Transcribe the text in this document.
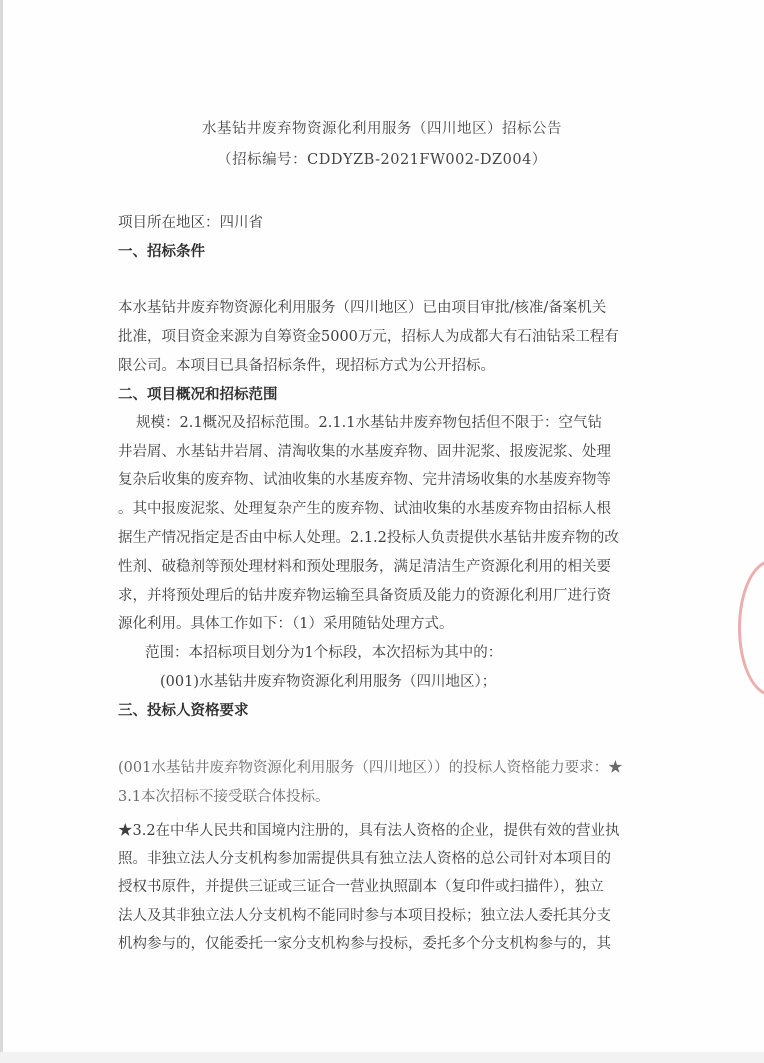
水基钻井废弃物资源化利用服务（四川地区）招标公告
（招标编号：CDDYZB-2021FW002-DZ004）
项目所在地区：四川省
一、招标条件
本水基钻井废弃物资源化利用服务（四川地区）已由项目审批/核准/备案机关
批准，项目资金来源为自筹资金5000万元，招标人为成都大有石油钻采工程有
限公司。本项目已具备招标条件，现招标方式为公开招标。
二、项目概况和招标范围
规模：2.1概况及招标范围。2.1.1水基钻井废弃物包括但不限于：空气钻
井岩屑、水基钻井岩屑、清淘收集的水基废弃物、固井泥浆、报废泥浆、处理
复杂后收集的废弃物、试油收集的水基废弃物、完井清场收集的水基废弃物等
。其中报废泥浆、处理复杂产生的废弃物、试油收集的水基废弃物由招标人根
据生产情况指定是否由中标人处理。2.1.2投标人负责提供水基钻井废弃物的改
性剂、破稳剂等预处理材料和预处理服务，满足清洁生产资源化利用的相关要
求，并将预处理后的钻井废弃物运输至具备资质及能力的资源化利用厂进行资
源化利用。具体工作如下：（1）采用随钻处理方式。
范围：本招标项目划分为1个标段，本次招标为其中的：
(001)水基钻井废弃物资源化利用服务（四川地区）；
三、投标人资格要求
(001水基钻井废弃物资源化利用服务（四川地区））的投标人资格能力要求：★
3.1本次招标不接受联合体投标。
★3.2在中华人民共和国境内注册的，具有法人资格的企业，提供有效的营业执
照。非独立法人分支机构参加需提供具有独立法人资格的总公司针对本项目的
授权书原件，并提供三证或三证合一营业执照副本（复印件或扫描件），独立
法人及其非独立法人分支机构不能同时参与本项目投标；独立法人委托其分支
机构参与的，仅能委托一家分支机构参与投标，委托多个分支机构参与的，其
